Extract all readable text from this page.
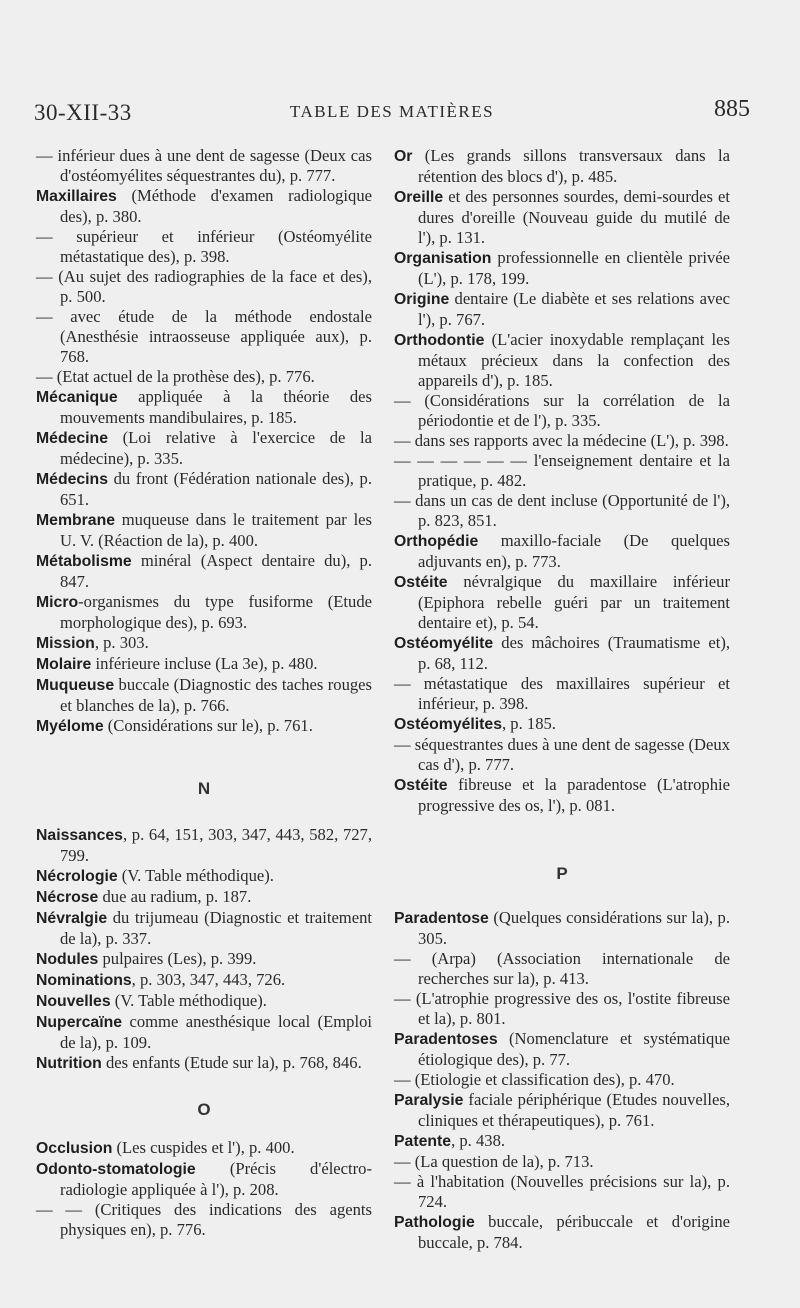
30-XII-33	TABLE DES MATIÈRES	885

— inférieur dues à une dent de sagesse (Deux cas d'ostéomyélites séquestrantes du), p. 777.

Maxillaires (Méthode d'examen radiologique des), p. 380.

— supérieur et inférieur (Ostéomyélite métastatique des), p. 398.

— (Au sujet des radiographies de la face et des), p. 500.

— avec étude de la méthode endostale (Anesthésie intraosseuse appliquée aux), p. 768.

— (Etat actuel de la prothèse des), p. 776.

Mécanique appliquée à la théorie des mouvements mandibulaires, p. 185.

Médecine (Loi relative à l'exercice de la médecine), p. 335.

Médecins du front (Fédération nationale des), p. 651.

Membrane muqueuse dans le traitement par les U. V. (Réaction de la), p. 400.

Métabolisme minéral (Aspect dentaire du), p. 847.

Micro-organismes du type fusiforme (Etude morphologique des), p. 693.

Mission, p. 303.

Molaire inférieure incluse (La 3e), p. 480.

Muqueuse buccale (Diagnostic des taches rouges et blanches de la), p. 766.

Myélome (Considérations sur le), p. 761.

N

Naissances, p. 64, 151, 303, 347, 443, 582, 727, 799.

Nécrologie (V. Table méthodique).

Nécrose due au radium, p. 187.

Névralgie du trijumeau (Diagnostic et traitement de la), p. 337.

Nodules pulpaires (Les), p. 399.

Nominations, p. 303, 347, 443, 726.

Nouvelles (V. Table méthodique).

Nupercaïne comme anesthésique local (Emploi de la), p. 109.

Nutrition des enfants (Etude sur la), p. 768, 846.

O

Occlusion (Les cuspides et l'), p. 400.

Odonto-stomatologie (Précis d'électro-radiologie appliquée à l'), p. 208.

— — (Critiques des indications des agents physiques en), p. 776.

Or (Les grands sillons transversaux dans la rétention des blocs d'), p. 485.

Oreille et des personnes sourdes, demi-sourdes et dures d'oreille (Nouveau guide du mutilé de l'), p. 131.

Organisation professionnelle en clientèle privée (L'), p. 178, 199.

Origine dentaire (Le diabète et ses relations avec l'), p. 767.

Orthodontie (L'acier inoxydable remplaçant les métaux précieux dans la confection des appareils d'), p. 185.

— (Considérations sur la corrélation de la périodontie et de l'), p. 335.

— dans ses rapports avec la médecine (L'), p. 398.

— — — — — — l'enseignement dentaire et la pratique, p. 482.

— dans un cas de dent incluse (Opportunité de l'), p. 823, 851.

Orthopédie maxillo-faciale (De quelques adjuvants en), p. 773.

Ostéite névralgique du maxillaire inférieur (Epiphora rebelle guéri par un traitement dentaire et), p. 54.

Ostéomyélite des mâchoires (Traumatisme et), p. 68, 112.

— métastatique des maxillaires supérieur et inférieur, p. 398.

Ostéomyélites, p. 185.

— séquestrantes dues à une dent de sagesse (Deux cas d'), p. 777.

Ostéite fibreuse et la paradentose (L'atrophie progressive des os, l'), p. 081.

P

Paradentose (Quelques considérations sur la), p. 305.

— (Arpa) (Association internationale de recherches sur la), p. 413.

— (L'atrophie progressive des os, l'ostite fibreuse et la), p. 801.

Paradentoses (Nomenclature et systématique étiologique des), p. 77.

— (Etiologie et classification des), p. 470.

Paralysie faciale périphérique (Etudes nouvelles, cliniques et thérapeutiques), p. 761.

Patente, p. 438.

— (La question de la), p. 713.

— à l'habitation (Nouvelles précisions sur la), p. 724.

Pathologie buccale, péribuccale et d'origine buccale, p. 784.
